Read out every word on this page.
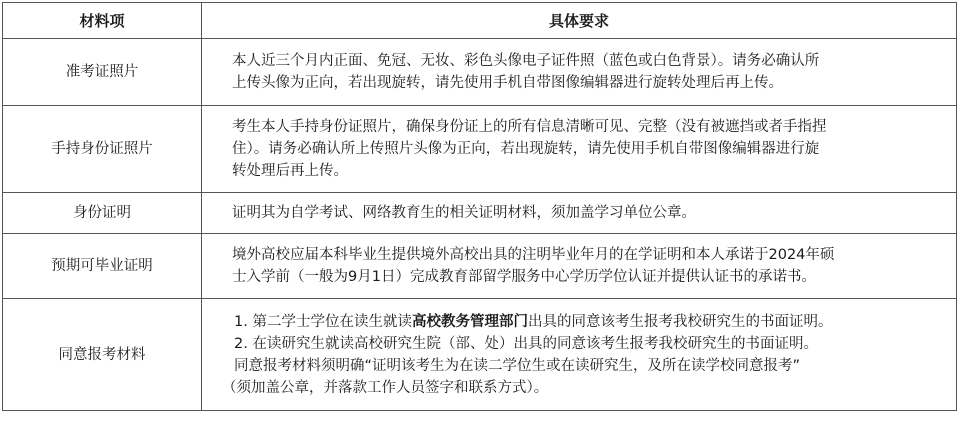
材料项	具体要求
准考证照片	本人近三个月内正面、免冠、无妆、彩色头像电子证件照（蓝色或白色背景）。请务必确认所
上传头像为正向，若出现旋转，请先使用手机自带图像编辑器进行旋转处理后再上传。

手持身份证照片	考生本人手持身份证照片，确保身份证上的所有信息清晰可见、完整（没有被遮挡或者手指捏
住）。请务必确认所上传照片头像为正向，若出现旋转，请先使用手机自带图像编辑器进行旋
转处理后再上传。

身份证明	证明其为自学考试、网络教育生的相关证明材料，须加盖学习单位公章。

预期可毕业证明	境外高校应届本科毕业生提供境外高校出具的注明毕业年月的在学证明和本人承诺于2024年硕
士入学前（一般为9月1日）完成教育部留学服务中心学历学位认证并提供认证书的承诺书。

同意报考材料	1. 第二学士学位在读生就读高校教务管理部门出具的同意该考生报考我校研究生的书面证明。
2. 在读研究生就读高校研究生院（部、处）出具的同意该考生报考我校研究生的书面证明。
同意报考材料须明确“证明该考生为在读二学位生或在读研究生，及所在读学校同意报考”
（须加盖公章，并落款工作人员签字和联系方式）。
